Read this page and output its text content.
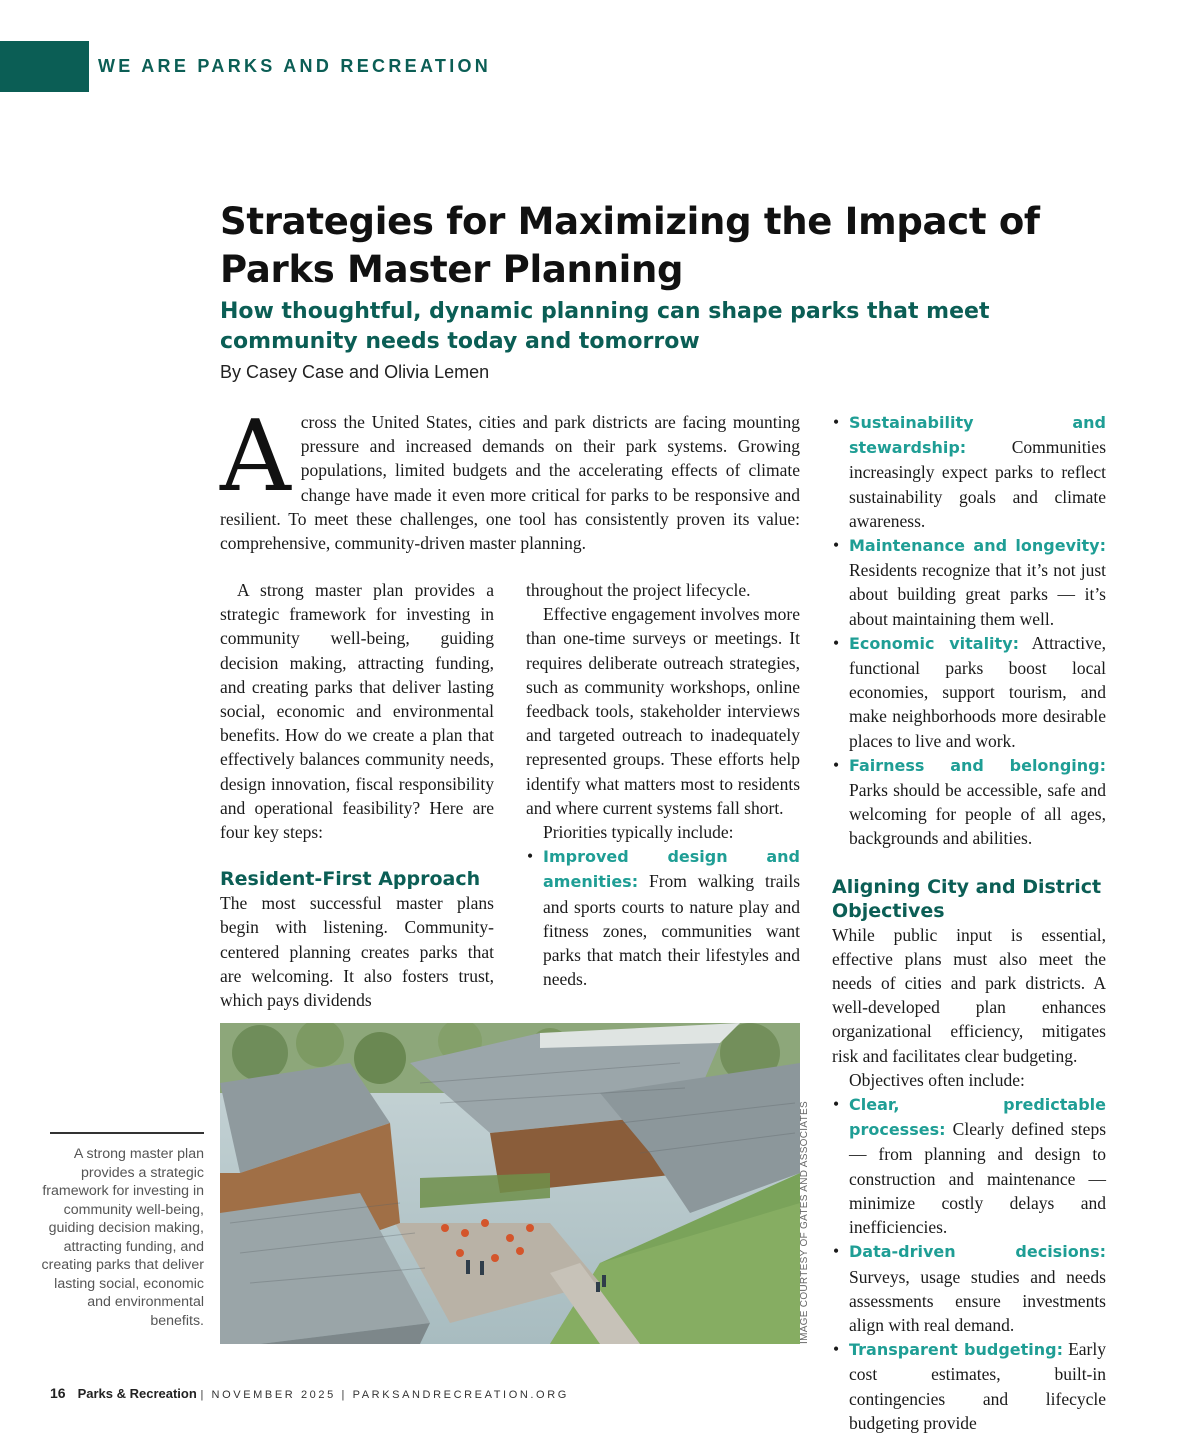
WE ARE PARKS AND RECREATION
Strategies for Maximizing the Impact of Parks Master Planning
How thoughtful, dynamic planning can shape parks that meet community needs today and tomorrow
By Casey Case and Olivia Lemen
A cross the United States, cities and park districts are facing mounting pressure and increased demands on their park systems. Growing populations, limited budgets and the accelerating effects of climate change have made it even more critical for parks to be responsive and resilient. To meet these challenges, one tool has consistently proven its value: comprehensive, community-driven master planning.

A strong master plan provides a strategic framework for investing in community well-being, guiding decision making, attracting funding, and creating parks that deliver lasting social, economic and environmental benefits. How do we create a plan that effectively balances community needs, design innovation, fiscal responsibility and operational feasibility? Here are four key steps:

Resident-First Approach

The most successful master plans begin with listening. Community-centered planning creates parks that are welcoming. It also fosters trust, which pays dividends

throughout the project lifecycle.

Effective engagement involves more than one-time surveys or meetings. It requires deliberate outreach strategies, such as community workshops, online feedback tools, stakeholder interviews and targeted outreach to inadequately represented groups. These efforts help identify what matters most to residents and where current systems fall short.

Priorities typically include:

• Improved design and amenities: From walking trails and sports courts to nature play and fitness zones, communities want parks that match their lifestyles and needs.
• Sustainability and stewardship:	Communities increasingly expect parks to reflect sustainability goals and climate awareness.
• Maintenance and longevity: Residents recognize that it’s not just about building great parks — it’s about maintaining them well.
• Economic vitality: Attractive, functional parks boost local economies, support tourism, and make neighborhoods more desirable places to live and work.
• Fairness and belonging: Parks should be accessible, safe and welcoming for people of all ages, backgrounds and abilities.
Aligning City and District Objectives

While public input is essential, effective plans must also meet the needs of cities and park districts. A well-developed plan enhances organizational efficiency, mitigates risk and facilitates clear budgeting.

Objectives often include:

• Clear, predictable processes: Clearly defined steps — from planning and design to construction and maintenance — minimize costly delays and inefficiencies.
• Data-driven decisions: Surveys, usage studies and needs assessments ensure investments align with real demand.
• Transparent budgeting: Early cost estimates, built-in contingencies and lifecycle budgeting provide
IMAGE COURTESY OF GATES AND ASSOCIATES
A strong master plan provides a strategic framework for investing in community well-being, guiding decision making, attracting funding, and creating parks that deliver lasting social, economic and environmental benefits.
16 Parks & Recreation | NOVEMBER 2025 | PARKSANDRECREATION.ORG
